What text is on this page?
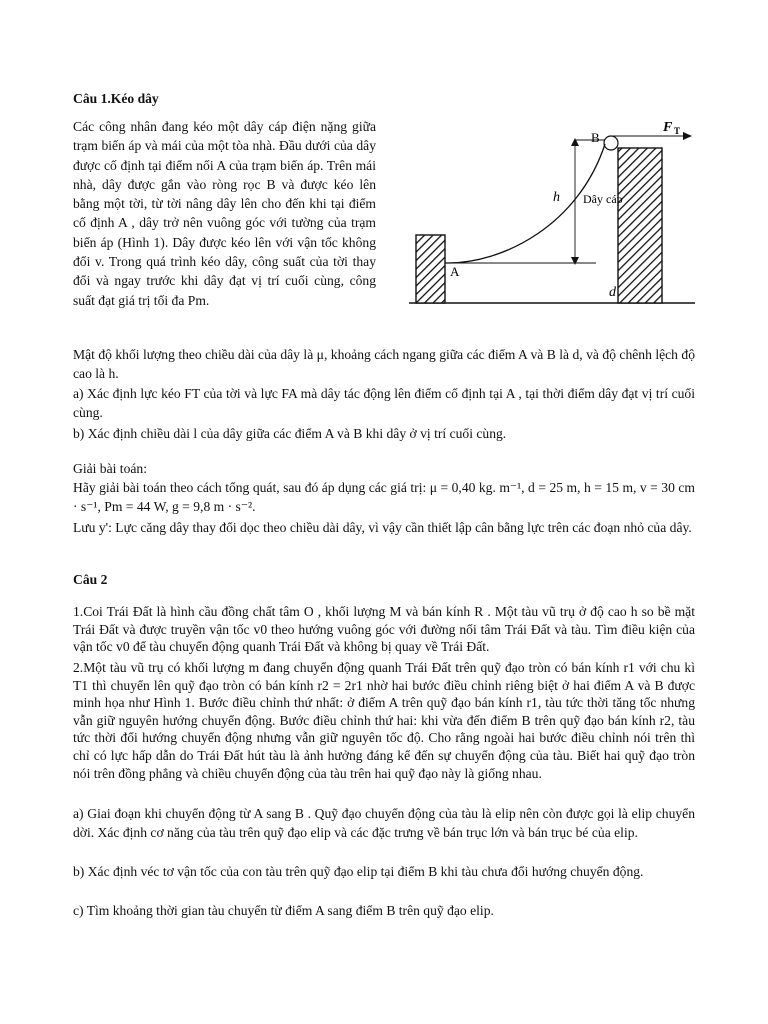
Câu 1.Kéo dây
Các công nhân đang kéo một dây cáp điện nặng giữa trạm biến áp và mái của một tòa nhà. Đầu dưới của dây được cố định tại điểm nối A của trạm biến áp. Trên mái nhà, dây được gắn vào ròng rọc B và được kéo lên bằng một tời, từ tời nâng dây lên cho đến khi tại điểm cố định A , dây trở nên vuông góc với tường của trạm biến áp (Hình 1). Dây được kéo lên với vận tốc không đổi v. Trong quá trình kéo dây, công suất của tời thay đổi và ngay trước khi dây đạt vị trí cuối cùng, công suất đạt giá trị tối đa Pm.
F T
B
A
h Dây cáp
d
Mật độ khối lượng theo chiều dài của dây là μ, khoảng cách ngang giữa các điểm A và B là d, và độ chênh lệch độ cao là h.
a) Xác định lực kéo FT của tời và lực FA mà dây tác động lên điểm cố định tại A , tại thời điểm dây đạt vị trí cuối cùng.
b) Xác định chiều dài l của dây giữa các điểm A và B khi dây ở vị trí cuối cùng.
Giải bài toán:
Hãy giải bài toán theo cách tổng quát, sau đó áp dụng các giá trị: μ = 0,40 kg. m⁻¹, d = 25 m, h = 15 m, v = 30 cm · s⁻¹, Pm = 44 W, g = 9,8 m · s⁻².
Lưu y': Lực căng dây thay đổi dọc theo chiều dài dây, vì vậy cần thiết lập cân bằng lực trên các đoạn nhỏ của dây.
Câu 2
1.Coi Trái Đất là hình cầu đồng chất tâm O , khối lượng M và bán kính R . Một tàu vũ trụ ở độ cao h so bề mặt Trái Đất và được truyền vận tốc v0 theo hướng vuông góc với đường nối tâm Trái Đất và tàu. Tìm điều kiện của vận tốc v0 để tàu chuyển động quanh Trái Đất và không bị quay về Trái Đất.
2.Một tàu vũ trụ có khối lượng m đang chuyển động quanh Trái Đất trên quỹ đạo tròn có bán kính r1 với chu kì T1 thì chuyển lên quỹ đạo tròn có bán kính r2 = 2r1 nhờ hai bước điều chỉnh riêng biệt ở hai điểm A và B được minh họa như Hình 1. Bước điều chỉnh thứ nhất: ở điểm A trên quỹ đạo bán kính r1, tàu tức thời tăng tốc nhưng vẫn giữ nguyên hướng chuyển động. Bước điều chỉnh thứ hai: khi vừa đến điểm B trên quỹ đạo bán kính r2, tàu tức thời đổi hướng chuyển động nhưng vẫn giữ nguyên tốc độ. Cho rằng ngoài hai bước điều chỉnh nói trên thì chỉ có lực hấp dẫn do Trái Đất hút tàu là ảnh hưởng đáng kể đến sự chuyển động của tàu. Biết hai quỹ đạo tròn nói trên đồng phẳng và chiều chuyển động của tàu trên hai quỹ đạo này là giống nhau.
a) Giai đoạn khi chuyển động từ A sang B . Quỹ đạo chuyển động của tàu là elip nên còn được gọi là elip chuyển dời. Xác định cơ năng của tàu trên quỹ đạo elip và các đặc trưng về bán trục lớn và bán trục bé của elip.
b) Xác định véc tơ vận tốc của con tàu trên quỹ đạo elip tại điểm B khi tàu chưa đổi hướng chuyển động.
c) Tìm khoảng thời gian tàu chuyển từ điểm A sang điểm B trên quỹ đạo elip.
